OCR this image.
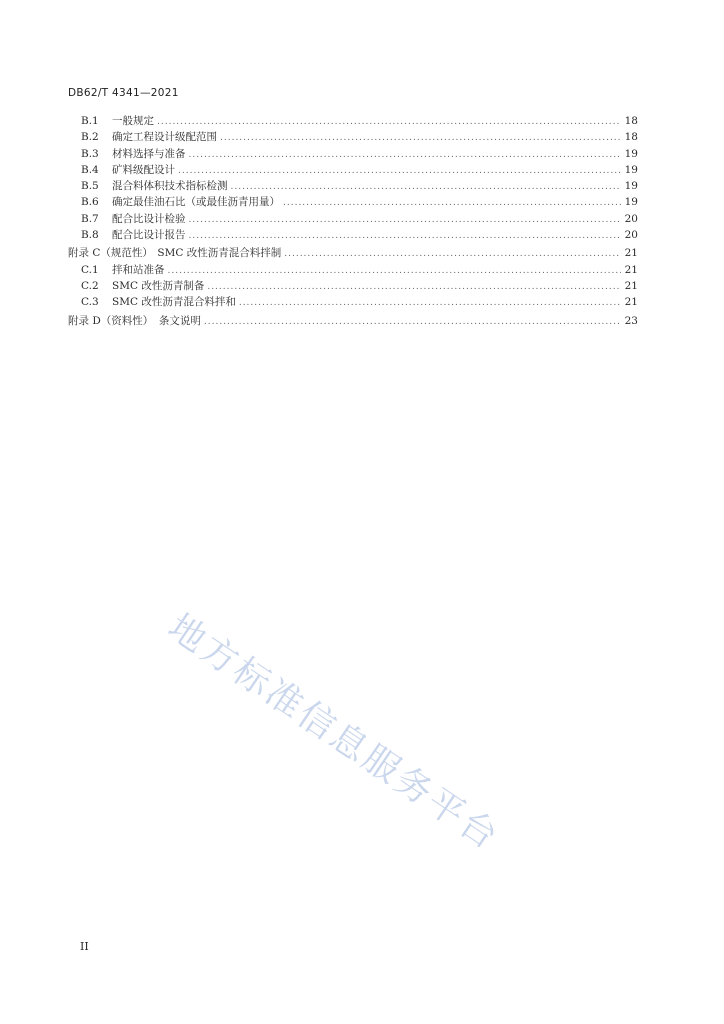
DB62/T 4341—2021
B.1	一般规定 .....	18
B.2	确定工程设计级配范围 .....	18
B.3	材料选择与准备 .....	19
B.4	矿料级配设计 .....	19
B.5	混合料体积技术指标检测 .....	19
B.6	确定最佳油石比（或最佳沥青用量） .....	19
B.7	配合比设计检验 .....	20
B.8	配合比设计报告 .....	20
附录 C（规范性） SMC 改性沥青混合料拌制 .....	21
C.1	拌和站准备 .....	21
C.2	SMC 改性沥青制备 .....	21
C.3	SMC 改性沥青混合料拌和 .....	21
附录 D（资料性） 条文说明 .....	23
地方标准信息服务平台
II
